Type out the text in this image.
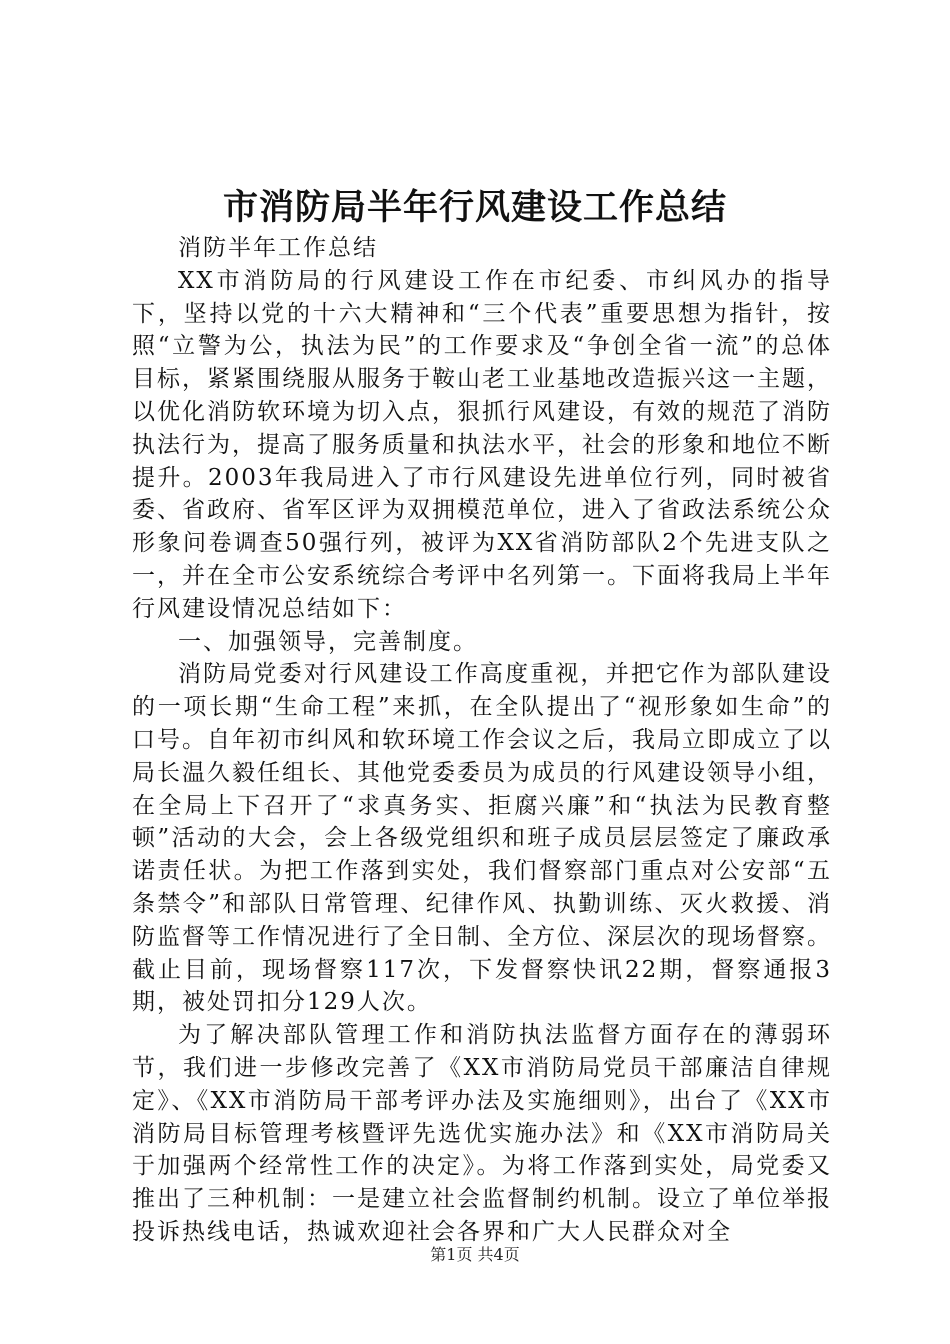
市消防局半年行风建设工作总结

消防半年工作总结

XX市消防局的行风建设工作在市纪委、市纠风办的指导下，坚持以党的十六大精神和“三个代表”重要思想为指针，按照“立警为公，执法为民”的工作要求及“争创全省一流”的总体目标，紧紧围绕服从服务于鞍山老工业基地改造振兴这一主题，以优化消防软环境为切入点，狠抓行风建设，有效的规范了消防执法行为，提高了服务质量和执法水平，社会的形象和地位不断提升。2003年我局进入了市行风建设先进单位行列，同时被省委、省政府、省军区评为双拥模范单位，进入了省政法系统公众形象问卷调查50强行列，被评为XX省消防部队2个先进支队之一，并在全市公安系统综合考评中名列第一。下面将我局上半年行风建设情况总结如下：

一、加强领导，完善制度。

消防局党委对行风建设工作高度重视，并把它作为部队建设的一项长期“生命工程”来抓，在全队提出了“视形象如生命”的口号。自年初市纠风和软环境工作会议之后，我局立即成立了以局长温久毅任组长、其他党委委员为成员的行风建设领导小组，在全局上下召开了“求真务实、拒腐兴廉”和“执法为民教育整顿”活动的大会，会上各级党组织和班子成员层层签定了廉政承诺责任状。为把工作落到实处，我们督察部门重点对公安部“五条禁令”和部队日常管理、纪律作风、执勤训练、灭火救援、消防监督等工作情况进行了全日制、全方位、深层次的现场督察。截止目前，现场督察117次，下发督察快讯22期，督察通报3期，被处罚扣分129人次。

为了解决部队管理工作和消防执法监督方面存在的薄弱环节，我们进一步修改完善了《XX市消防局党员干部廉洁自律规定》、《XX市消防局干部考评办法及实施细则》，出台了《XX市消防局目标管理考核暨评先选优实施办法》和《XX市消防局关于加强两个经常性工作的决定》。为将工作落到实处，局党委又推出了三种机制：一是建立社会监督制约机制。设立了单位举报投诉热线电话，热诚欢迎社会各界和广大人民群众对全

第1页 共4页
